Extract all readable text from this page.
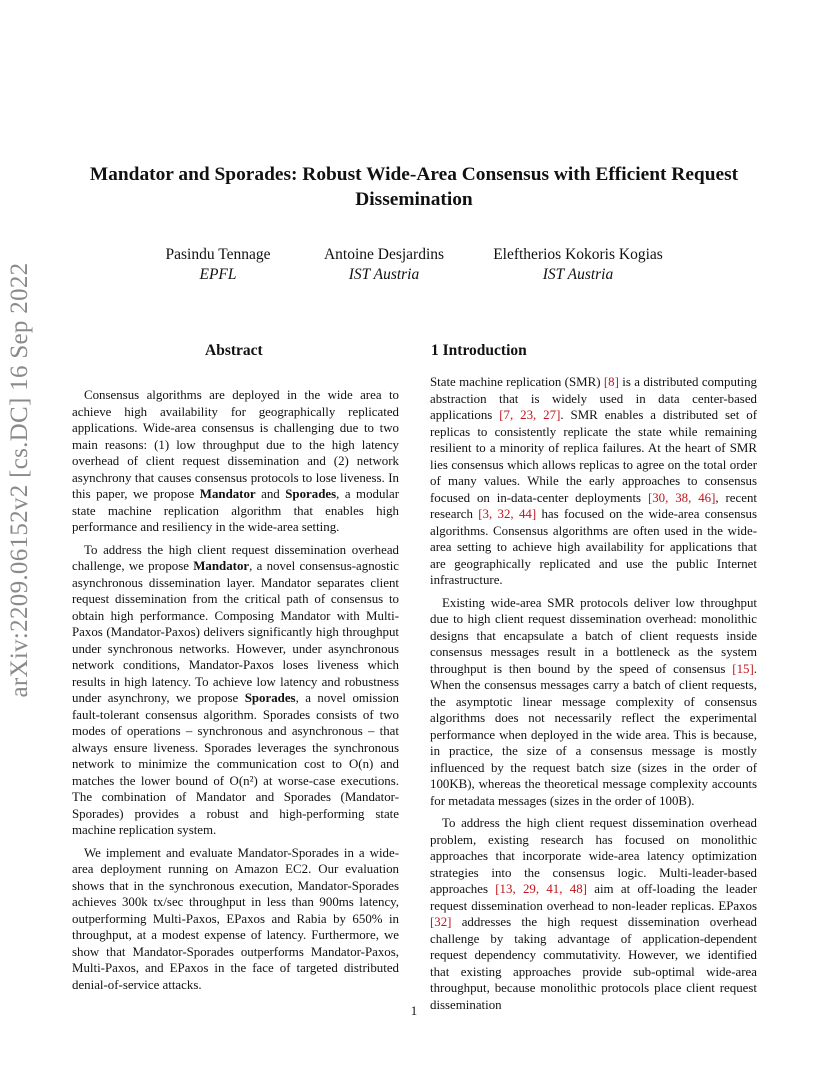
arXiv:2209.06152v2 [cs.DC] 16 Sep 2022
Mandator and Sporades: Robust Wide-Area Consensus with Efficient Request Dissemination
Pasindu Tennage
EPFL
Antoine Desjardins
IST Austria
Eleftherios Kokoris Kogias
IST Austria
Abstract

Consensus algorithms are deployed in the wide area to achieve high availability for geographically replicated applications. Wide-area consensus is challenging due to two main reasons: (1) low throughput due to the high latency overhead of client request dissemination and (2) network asynchrony that causes consensus protocols to lose liveness. In this paper, we propose Mandator and Sporades, a modular state machine replication algorithm that enables high performance and resiliency in the wide-area setting.

To address the high client request dissemination overhead challenge, we propose Mandator, a novel consensus-agnostic asynchronous dissemination layer. Mandator separates client request dissemination from the critical path of consensus to obtain high performance. Composing Mandator with Multi-Paxos (Mandator-Paxos) delivers significantly high throughput under synchronous networks. However, under asynchronous network conditions, Mandator-Paxos loses liveness which results in high latency. To achieve low latency and robustness under asynchrony, we propose Sporades, a novel omission fault-tolerant consensus algorithm. Sporades consists of two modes of operations – synchronous and asynchronous – that always ensure liveness. Sporades leverages the synchronous network to minimize the communication cost to O(n) and matches the lower bound of O(n²) at worse-case executions. The combination of Mandator and Sporades (Mandator-Sporades) provides a robust and high-performing state machine replication system.

We implement and evaluate Mandator-Sporades in a wide-area deployment running on Amazon EC2. Our evaluation shows that in the synchronous execution, Mandator-Sporades achieves 300k tx/sec throughput in less than 900ms latency, outperforming Multi-Paxos, EPaxos and Rabia by 650% in throughput, at a modest expense of latency. Furthermore, we show that Mandator-Sporades outperforms Mandator-Paxos, Multi-Paxos, and EPaxos in the face of targeted distributed denial-of-service attacks.

1 Introduction

State machine replication (SMR) [8] is a distributed computing abstraction that is widely used in data center-based applications [7, 23, 27]. SMR enables a distributed set of replicas to consistently replicate the state while remaining resilient to a minority of replica failures. At the heart of SMR lies consensus which allows replicas to agree on the total order of many values. While the early approaches to consensus focused on in-data-center deployments [30, 38, 46], recent research [3, 32, 44] has focused on the wide-area consensus algorithms. Consensus algorithms are often used in the wide-area setting to achieve high availability for applications that are geographically replicated and use the public Internet infrastructure.

Existing wide-area SMR protocols deliver low throughput due to high client request dissemination overhead: monolithic designs that encapsulate a batch of client requests inside consensus messages result in a bottleneck as the system throughput is then bound by the speed of consensus [15]. When the consensus messages carry a batch of client requests, the asymptotic linear message complexity of consensus algorithms does not necessarily reflect the experimental performance when deployed in the wide area. This is because, in practice, the size of a consensus message is mostly influenced by the request batch size (sizes in the order of 100KB), whereas the theoretical message complexity accounts for metadata messages (sizes in the order of 100B).

To address the high client request dissemination overhead problem, existing research has focused on monolithic approaches that incorporate wide-area latency optimization strategies into the consensus logic. Multi-leader-based approaches [13, 29, 41, 48] aim at off-loading the leader request dissemination overhead to non-leader replicas. EPaxos [32] addresses the high request dissemination overhead challenge by taking advantage of application-dependent request dependency commutativity. However, we identified that existing approaches provide sub-optimal wide-area throughput, because monolithic protocols place client request dissemination

1
